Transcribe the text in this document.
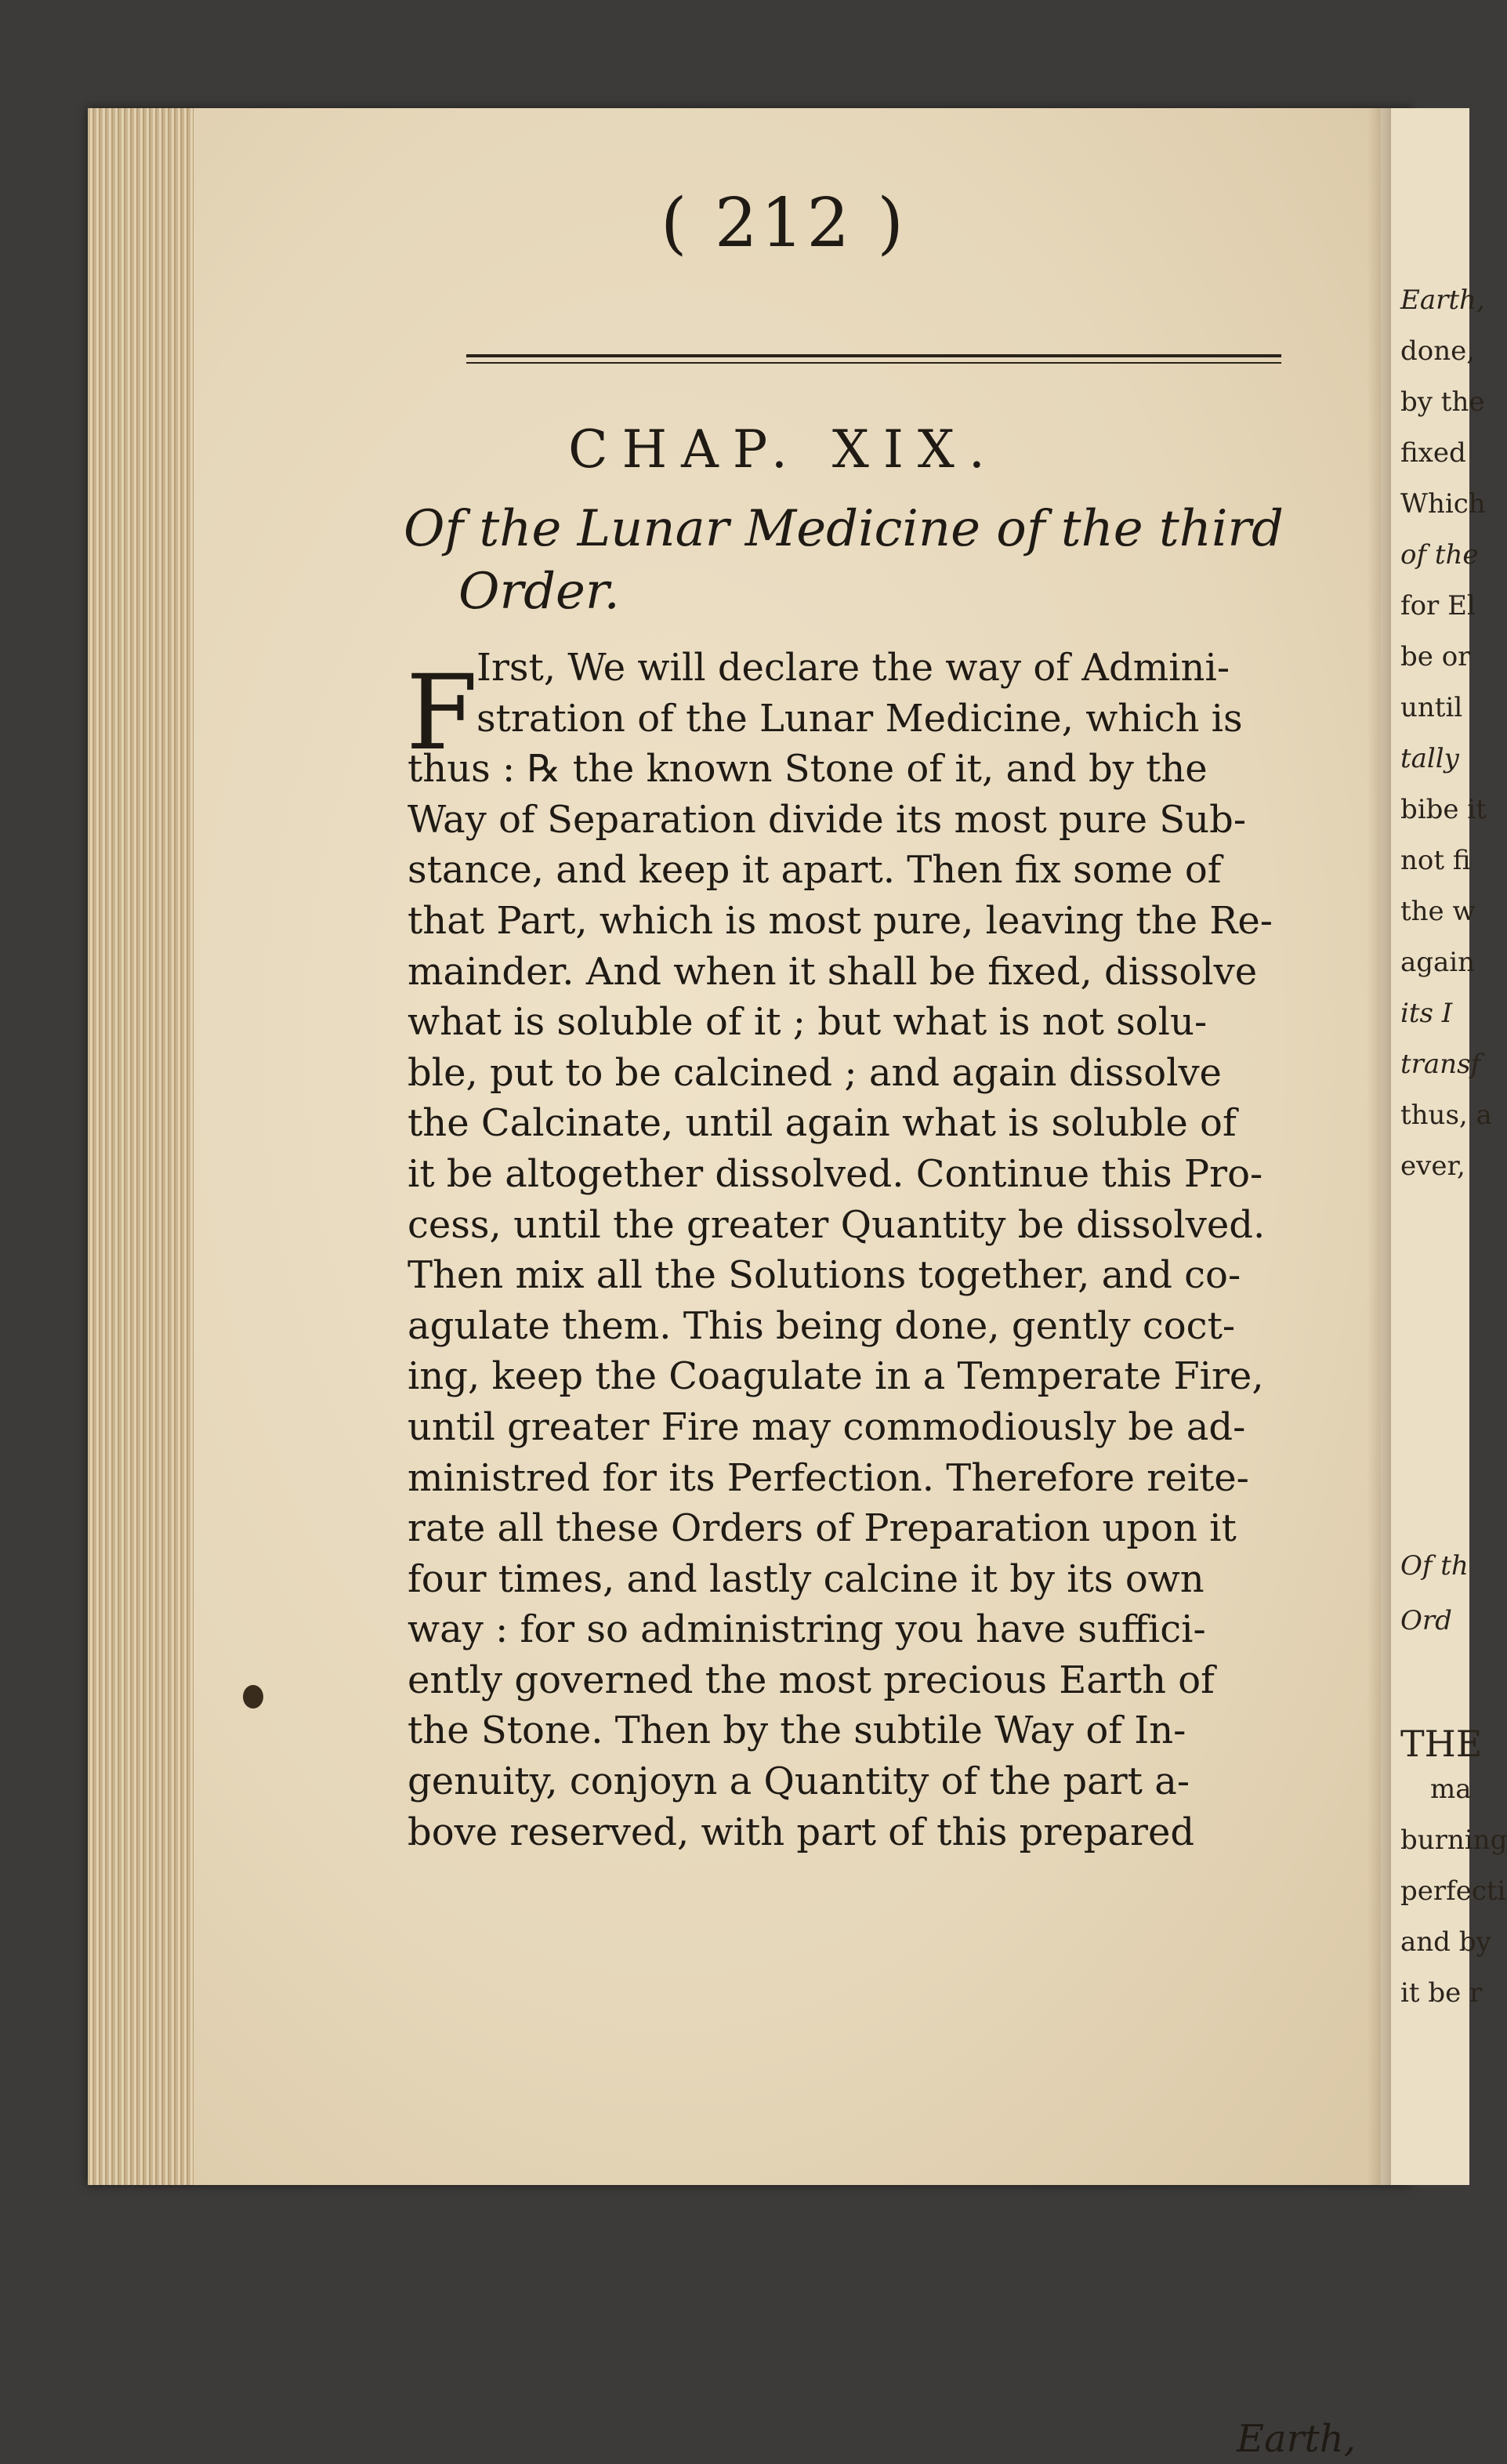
( 212 )
CHAP. XIX.
Of the Lunar Medicine of the third
Order.
F
Irst, We will declare the way of Admini-
stration of the Lunar Medicine, which is
thus : ℞ the known Stone of it, and by the
Way of Separation divide its most pure Sub-
stance, and keep it apart. Then fix some of
that Part, which is most pure, leaving the Re-
mainder. And when it shall be fixed, dissolve
what is soluble of it ; but what is not solu-
ble, put to be calcined ; and again dissolve
the Calcinate, until again what is soluble of
it be altogether dissolved. Continue this Pro-
cess, until the greater Quantity be dissolved.
Then mix all the Solutions together, and co-
agulate them. This being done, gently coct-
ing, keep the Coagulate in a Temperate Fire,
until greater Fire may commodiously be ad-
ministred for its Perfection. Therefore reite-
rate all these Orders of Preparation upon it
four times, and lastly calcine it by its own
way : for so administring you have suffici-
ently governed the most precious Earth of
the Stone. Then by the subtile Way of In-
genuity, conjoyn a Quantity of the part a-
bove reserved, with part of this prepared
Earth,
Earth,
done,
by the
fixed
Which
of the
for El
be or
until
tally
bibe it
not fi
the w
again
its I
transf
thus, a
ever,
Of th
Ord
THE
ma
burning
perfecti
and by
it be r
